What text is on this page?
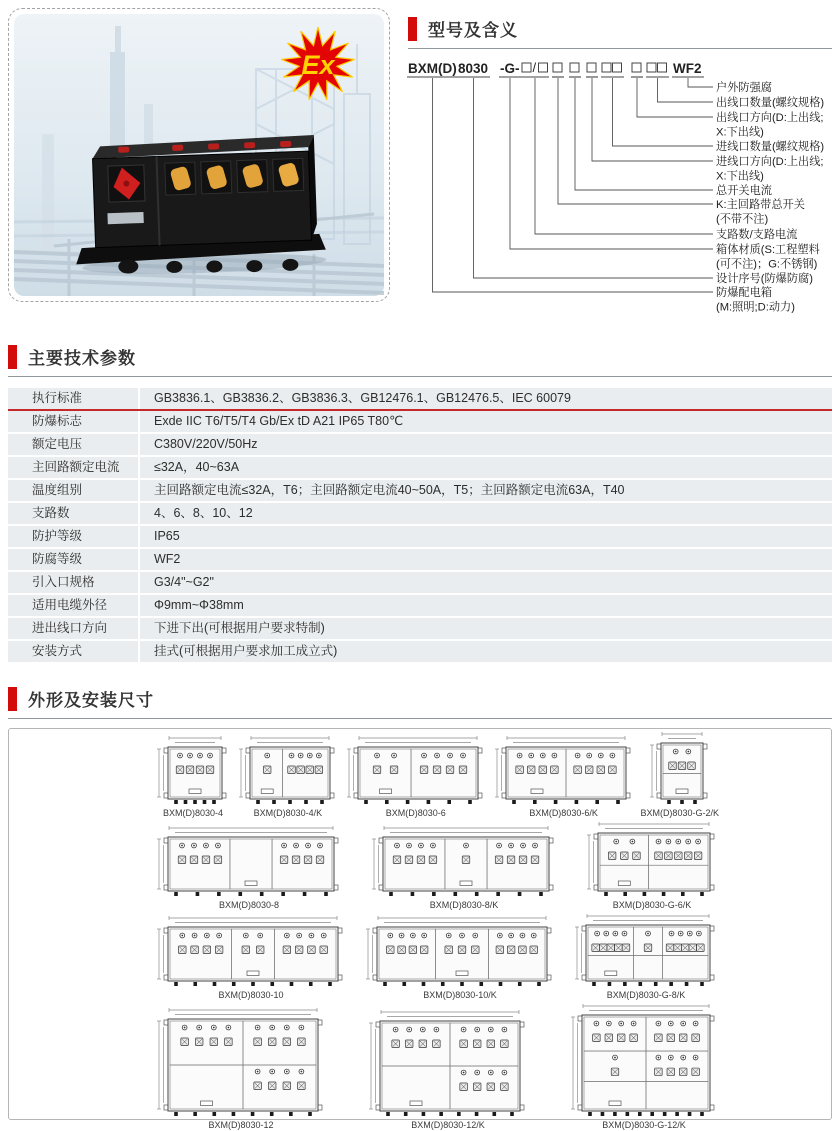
Ex
型号及含义
BXM(D) 8030 -G- /	WF2
户外防强腐
出线口数量(螺纹规格)
出线口方向(D:上出线;
X:下出线)
进线口数量(螺纹规格)
进线口方向(D:上出线;
X:下出线)
总开关电流
K:主回路带总开关
(不带不注)
支路数/支路电流
箱体材质(S:工程塑料
(可不注)；G:不锈钢)
设计序号(防爆防腐)
防爆配电箱
(M:照明;D:动力)
主要技术参数
执行标准	GB3836.1、GB3836.2、GB3836.3、GB12476.1、GB12476.5、IEC 60079
防爆标志	Exde IIC T6/T5/T4 Gb/Ex tD A21 IP65 T80℃
额定电压	C380V/220V/50Hz
主回路额定电流	≤32A，40~63A
温度组别	主回路额定电流≤32A，T6；主回路额定电流40~50A，T5；主回路额定电流63A，T40
支路数	4、6、8、10、12
防护等级	IP65
防腐等级	WF2
引入口规格	G3/4"~G2"
适用电缆外径	Φ9mm~Φ38mm
进出线口方向	下进下出(可根据用户要求特制)
安装方式	挂式(可根据用户要求加工成立式)
外形及安装尺寸
BXM(D)8030-4	BXM(D)8030-4/K	BXM(D)8030-6	BXM(D)8030-6/K	BXM(D)8030-G-2/K
BXM(D)8030-8	BXM(D)8030-8/K	BXM(D)8030-G-6/K
BXM(D)8030-10	BXM(D)8030-10/K	BXM(D)8030-G-8/K
BXM(D)8030-12	BXM(D)8030-12/K	BXM(D)8030-G-12/K
